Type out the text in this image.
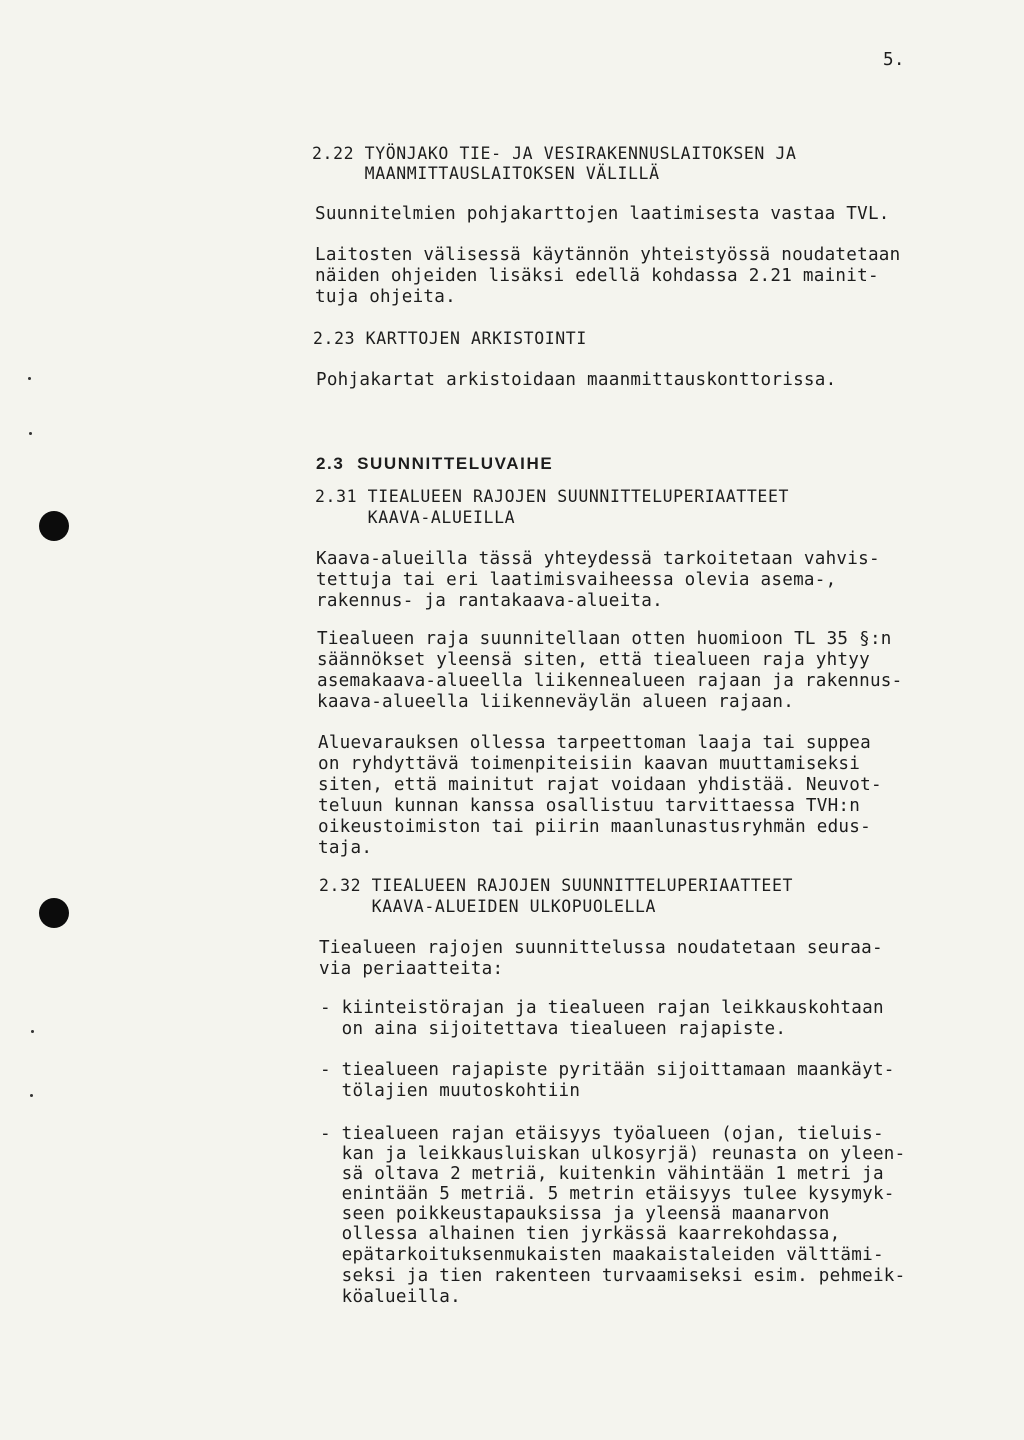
5.
2.22 TYÖNJAKO TIE- JA VESIRAKENNUSLAITOKSEN JA
MAANMITTAUSLAITOKSEN VÄLILLÄ
Suunnitelmien pohjakarttojen laatimisesta vastaa TVL.
Laitosten välisessä käytännön yhteistyössä noudatetaan
näiden ohjeiden lisäksi edellä kohdassa 2.21 mainit-
tuja ohjeita.
2.23 KARTTOJEN ARKISTOINTI
Pohjakartat arkistoidaan maanmittauskonttorissa.
2.3  SUUNNITTELUVAIHE
2.31 TIEALUEEN RAJOJEN SUUNNITTELUPERIAATTEET
KAAVA-ALUEILLA
Kaava-alueilla tässä yhteydessä tarkoitetaan vahvis-
tettuja tai eri laatimisvaiheessa olevia asema-,
rakennus- ja rantakaava-alueita.
Tiealueen raja suunnitellaan otten huomioon TL 35 §:n
säännökset yleensä siten, että tiealueen raja yhtyy
asemakaava-alueella liikennealueen rajaan ja rakennus-
kaava-alueella liikenneväylän alueen rajaan.
Aluevarauksen ollessa tarpeettoman laaja tai suppea
on ryhdyttävä toimenpiteisiin kaavan muuttamiseksi
siten, että mainitut rajat voidaan yhdistää. Neuvot-
teluun kunnan kanssa osallistuu tarvittaessa TVH:n
oikeustoimiston tai piirin maanlunastusryhmän edus-
taja.
2.32 TIEALUEEN RAJOJEN SUUNNITTELUPERIAATTEET
KAAVA-ALUEIDEN ULKOPUOLELLA
Tiealueen rajojen suunnittelussa noudatetaan seuraa-
via periaatteita:
- kiinteistörajan ja tiealueen rajan leikkauskohtaan
on aina sijoitettava tiealueen rajapiste.
- tiealueen rajapiste pyritään sijoittamaan maankäyt-
tölajien muutoskohtiin
- tiealueen rajan etäisyys työalueen (ojan, tieluis-
kan ja leikkausluiskan ulkosyrjä) reunasta on yleen-
sä oltava 2 metriä, kuitenkin vähintään 1 metri ja
enintään 5 metriä. 5 metrin etäisyys tulee kysymyk-
seen poikkeustapauksissa ja yleensä maanarvon
ollessa alhainen tien jyrkässä kaarrekohdassa,
epätarkoituksenmukaisten maakaistaleiden välttämi-
seksi ja tien rakenteen turvaamiseksi esim. pehmeik-
köalueilla.
